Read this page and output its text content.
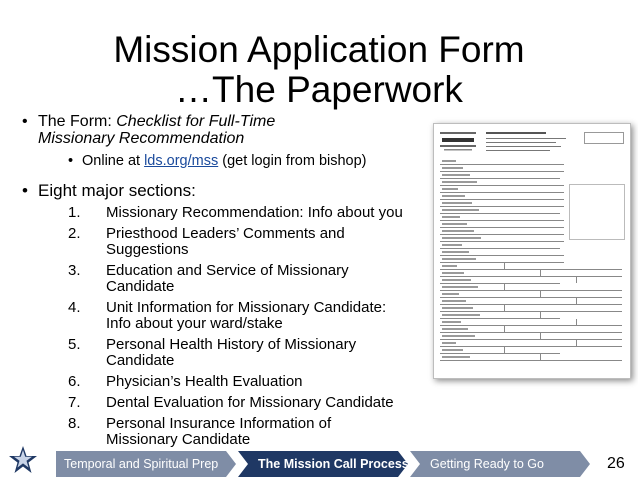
Mission Application Form
…The Paperwork
• The Form: Checklist for Full-Time
Missionary Recommendation
• Online at lds.org/mss (get login from bishop)
• Eight major sections:
1. Missionary Recommendation: Info about you
2. Priesthood Leaders’ Comments and
Suggestions
3. Education and Service of Missionary
Candidate
4. Unit Information for Missionary Candidate:
Info about your ward/stake
5. Personal Health History of Missionary
Candidate
6. Physician’s Health Evaluation
7. Dental Evaluation for Missionary Candidate
8. Personal Insurance Information of
Missionary Candidate
Temporal and Spiritual Prep	The Mission Call Process Getting Ready to Go	26
